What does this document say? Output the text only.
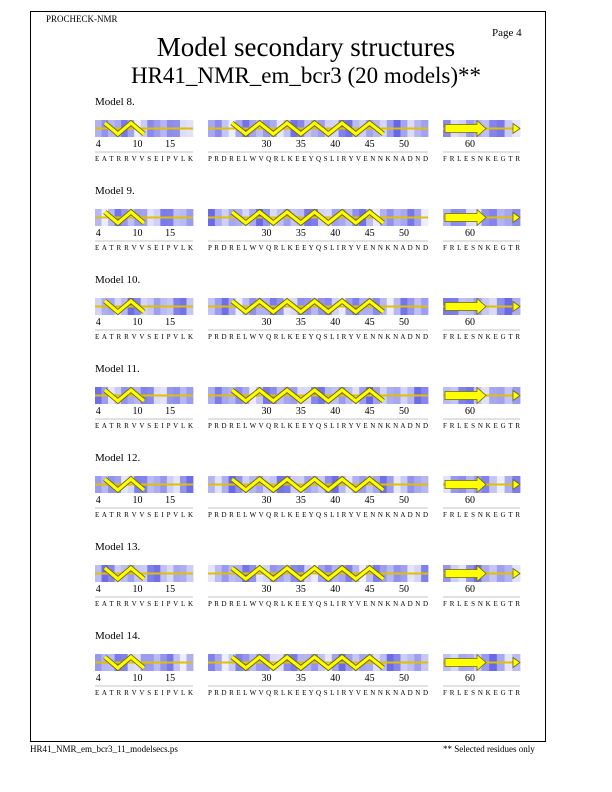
PROCHECK-NMR
Page 4
Model secondary structures
HR41_NMR_em_bcr3 (20 models)**
Model 8.
4	10 15
E A T R R V V S E I P V L K
30 35 40 45 50
P R D R E L W V Q R L K E E Y Q S L I R Y V E N N K N A D N D
60
F R L E S N K E G T R
Model 9.
4	10 15
E A T R R V V S E I P V L K
30 35 40 45 50
P R D R E L W V Q R L K E E Y Q S L I R Y V E N N K N A D N D
60
F R L E S N K E G T R
Model 10.
4	10 15
E A T R R V V S E I P V L K
30 35 40 45 50
P R D R E L W V Q R L K E E Y Q S L I R Y V E N N K N A D N D
60
F R L E S N K E G T R
Model 11.
4	10 15
E A T R R V V S E I P V L K
30 35 40 45 50
P R D R E L W V Q R L K E E Y Q S L I R Y V E N N K N A D N D
60
F R L E S N K E G T R
Model 12.
4	10 15
E A T R R V V S E I P V L K
30 35 40 45 50
P R D R E L W V Q R L K E E Y Q S L I R Y V E N N K N A D N D
60
F R L E S N K E G T R
Model 13.
4	10 15
E A T R R V V S E I P V L K
30 35 40 45 50
P R D R E L W V Q R L K E E Y Q S L I R Y V E N N K N A D N D
60
F R L E S N K E G T R
Model 14.
4	10 15
E A T R R V V S E I P V L K
30 35 40 45 50
P R D R E L W V Q R L K E E Y Q S L I R Y V E N N K N A D N D
60
F R L E S N K E G T R
HR41_NMR_em_bcr3_11_modelsecs.ps	** Selected residues only
